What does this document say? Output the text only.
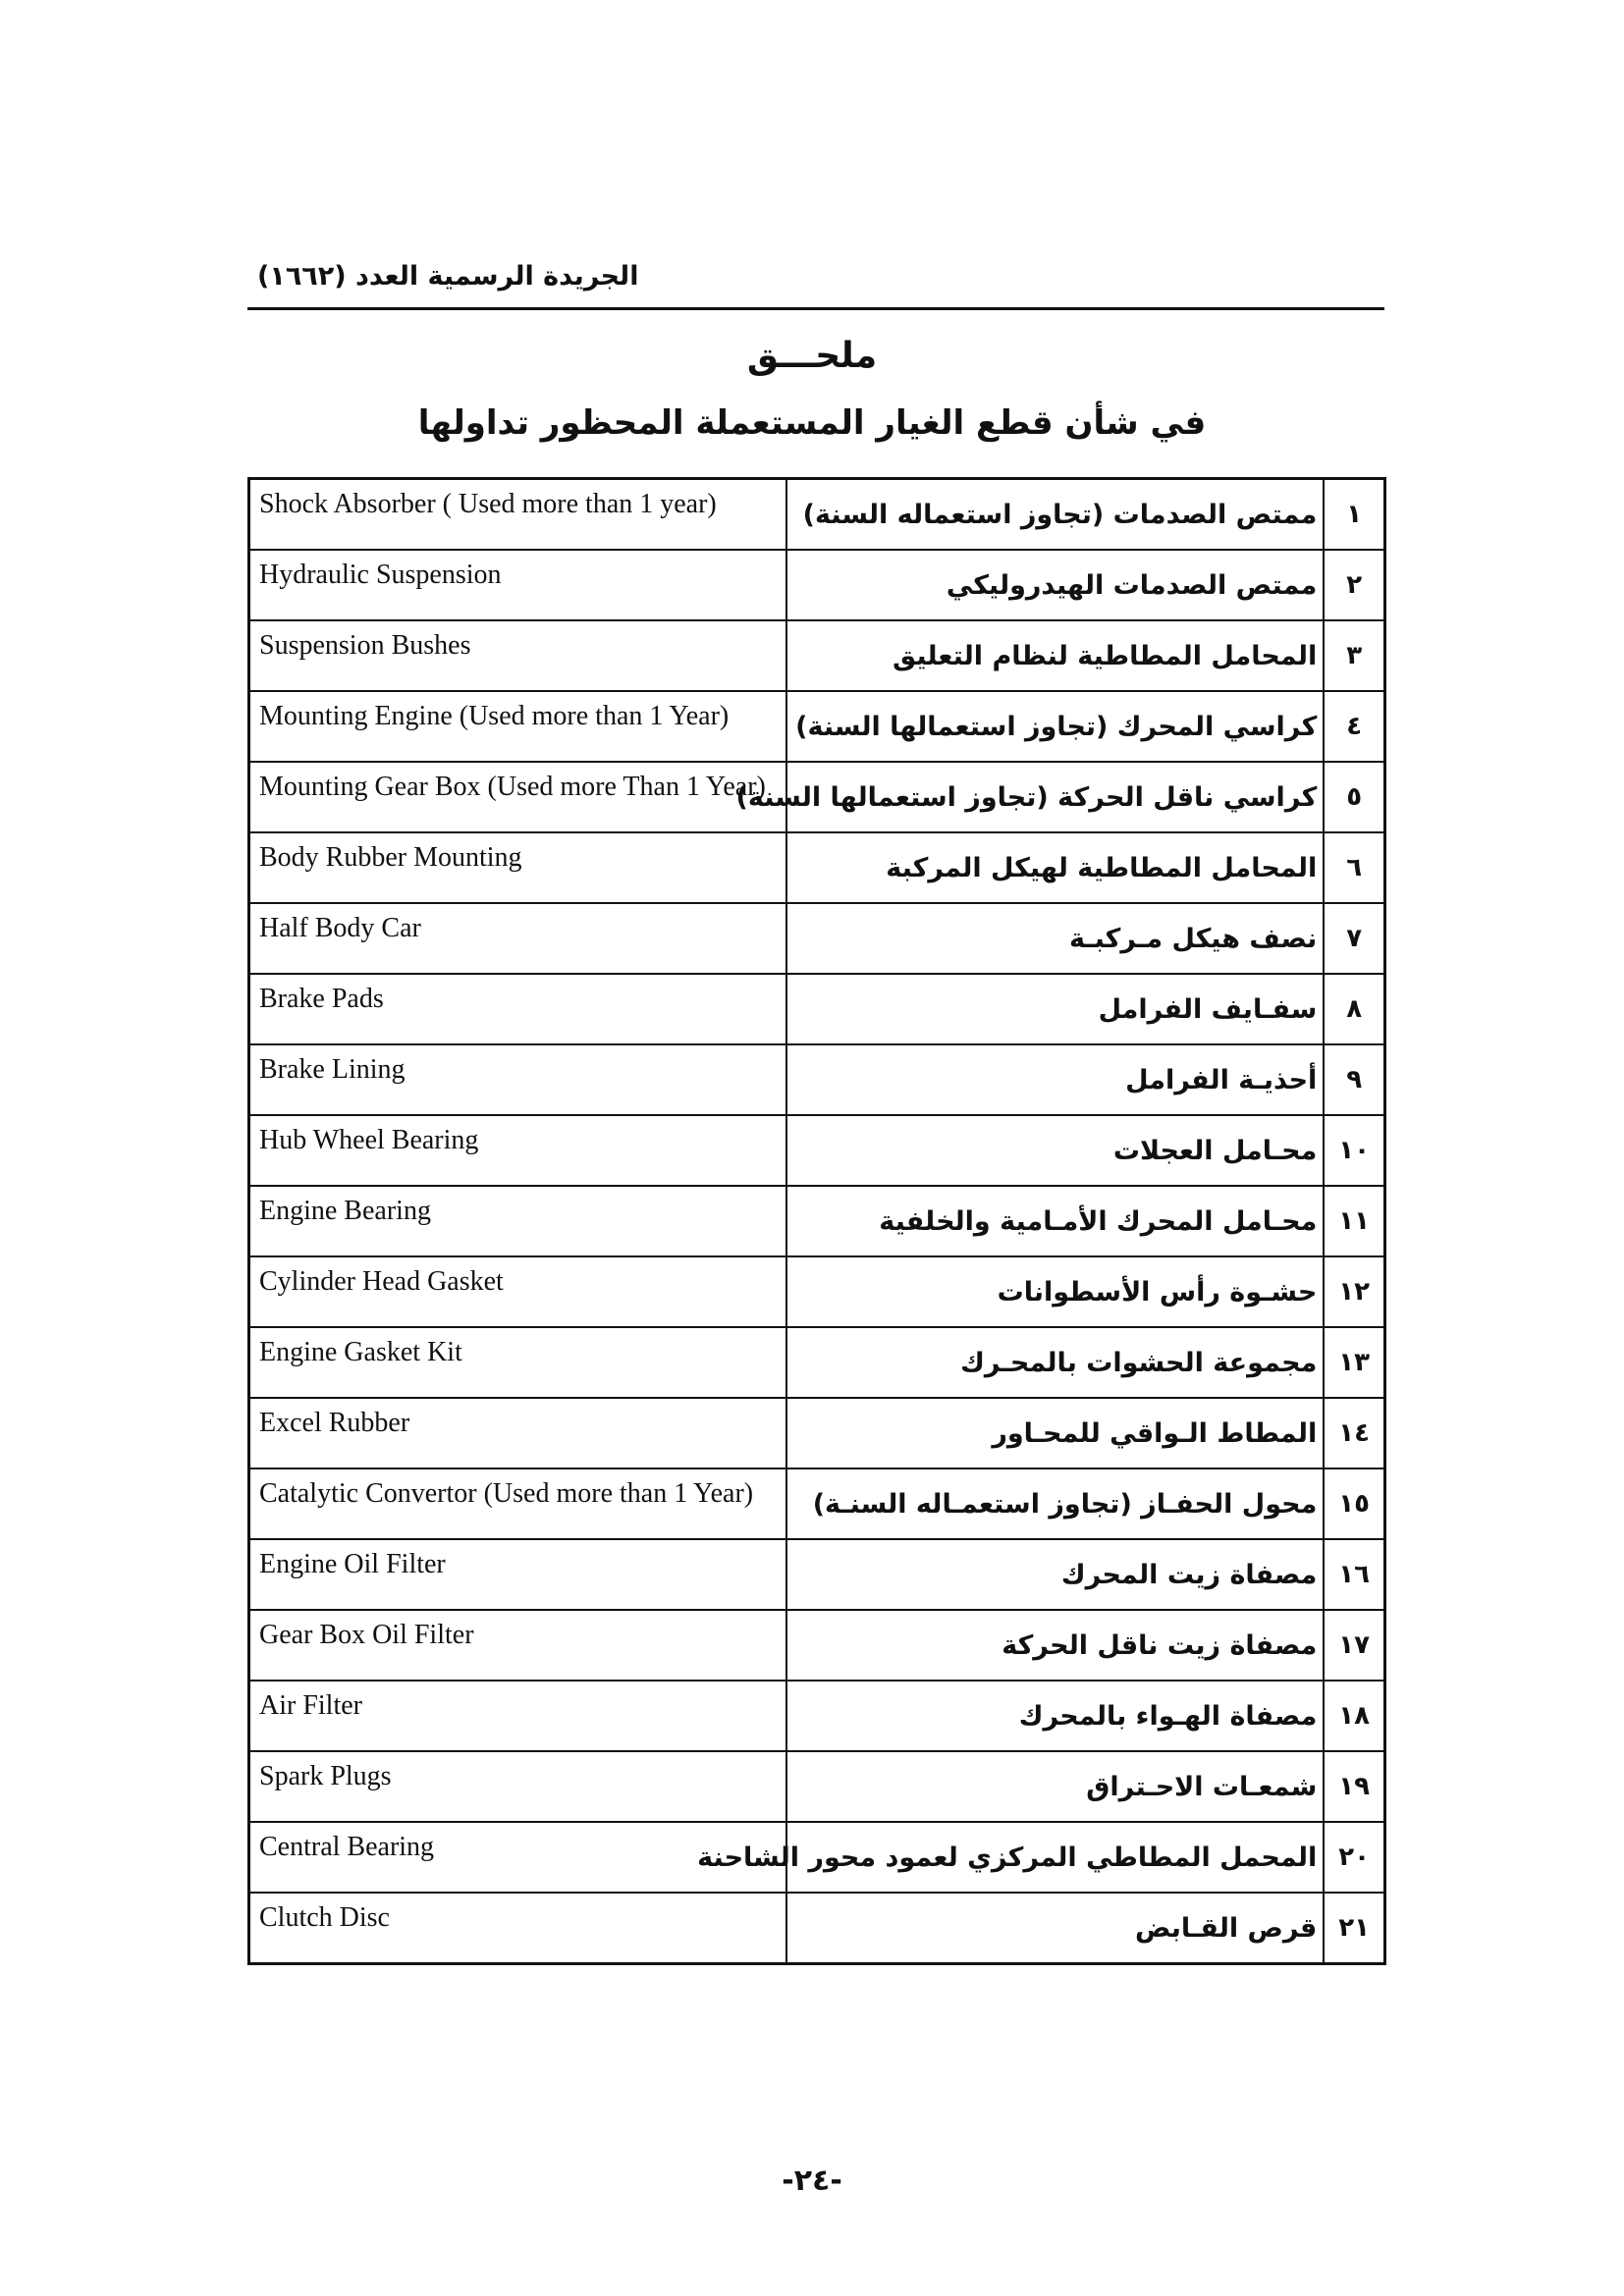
الجريدة الرسمية العدد (١٦٦٢)
ملحـــق
في شأن قطع الغيار المستعملة المحظور تداولها
Shock Absorber ( Used more than 1 year)	ممتص الصدمات (تجاوز استعماله السنة)	١
Hydraulic Suspension	ممتص الصدمات الهيدروليكي	٢
Suspension Bushes	المحامل المطاطية لنظام التعليق	٣
Mounting Engine (Used more than 1 Year)	كراسي المحرك (تجاوز استعمالها السنة)	٤
Mounting Gear Box (Used more Than 1 Year)	كراسي ناقل الحركة (تجاوز استعمالها السنة)	٥
Body Rubber Mounting	المحامل المطاطية لهيكل المركبة	٦
Half Body Car	نصف هيكل مـركبـة	٧
Brake Pads	سفـايف الفرامل	٨
Brake Lining	أحذيـة الفرامل	٩
Hub Wheel Bearing	محـامل العجلات	١٠
Engine Bearing	محـامل المحرك الأمـامية والخلفية	١١
Cylinder Head Gasket	حشـوة رأس الأسطوانات	١٢
Engine Gasket Kit	مجموعة الحشوات بالمحـرك	١٣
Excel Rubber	المطاط الـواقي للمحـاور	١٤
Catalytic Convertor (Used more than 1 Year)	محول الحفـاز (تجاوز استعمـاله السنـة)	١٥
Engine Oil Filter	مصفاة زيت المحرك	١٦
Gear Box Oil Filter	مصفاة زيت ناقل الحركة	١٧
Air Filter	مصفاة الهـواء بالمحرك	١٨
Spark Plugs	شمعـات الاحـتراق	١٩
Central Bearing	المحمل المطاطي المركزي لعمود محور الشاحنة	٢٠
Clutch Disc	قرص القـابض	٢١
-٢٤-
